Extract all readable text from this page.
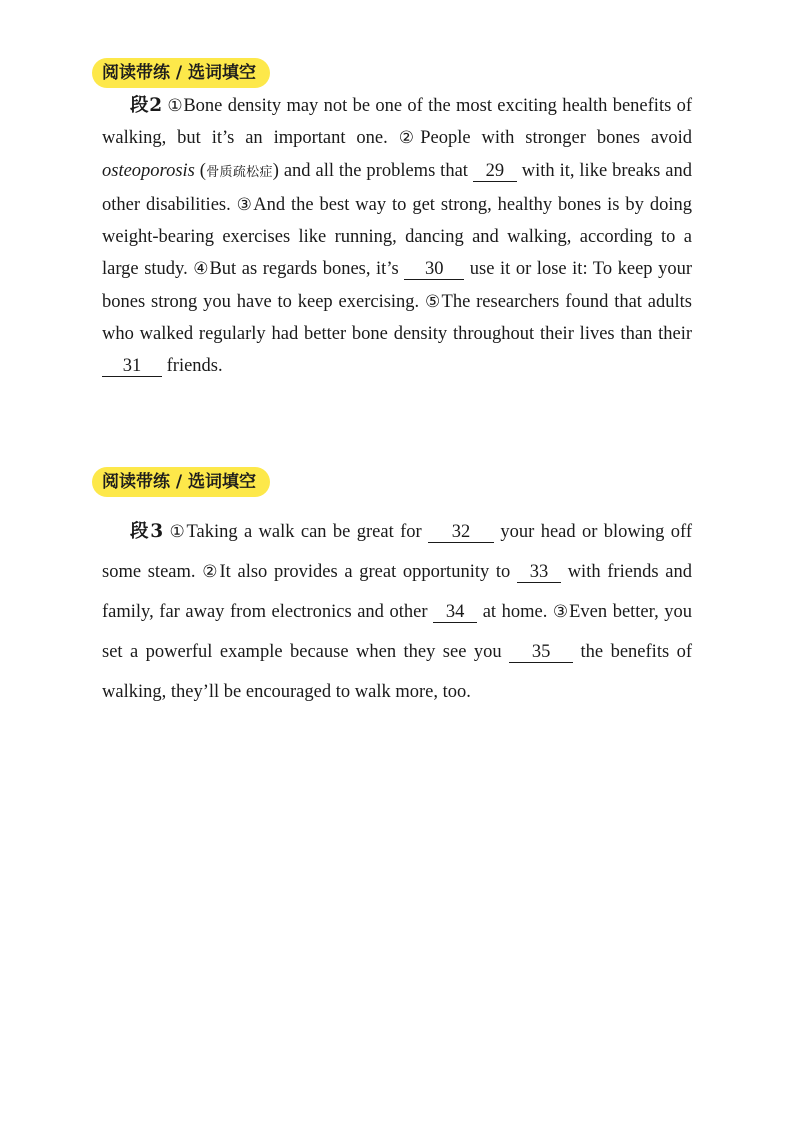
阅读带练 / 选词填空

段2 ①Bone density may not be one of the most exciting health benefits of walking, but it’s an important one. ②People with stronger bones avoid osteoporosis (骨质疏松症) and all the problems that 29 with it, like breaks and other disabilities. ③And the best way to get strong, healthy bones is by doing weight-bearing exercises like running, dancing and walking, according to a large study. ④But as regards bones, it’s 30 use it or lose it: To keep your bones strong you have to keep exercising. ⑤The researchers found that adults who walked regularly had better bone density throughout their lives than their 31 friends.

阅读带练 / 选词填空

段3 ①Taking a walk can be great for 32 your head or blowing off some steam. ②It also provides a great opportunity to 33 with friends and family, far away from electronics and other 34 at home. ③Even better, you set a powerful example because when they see you 35 the benefits of walking, they’ll be encouraged to walk more, too.
